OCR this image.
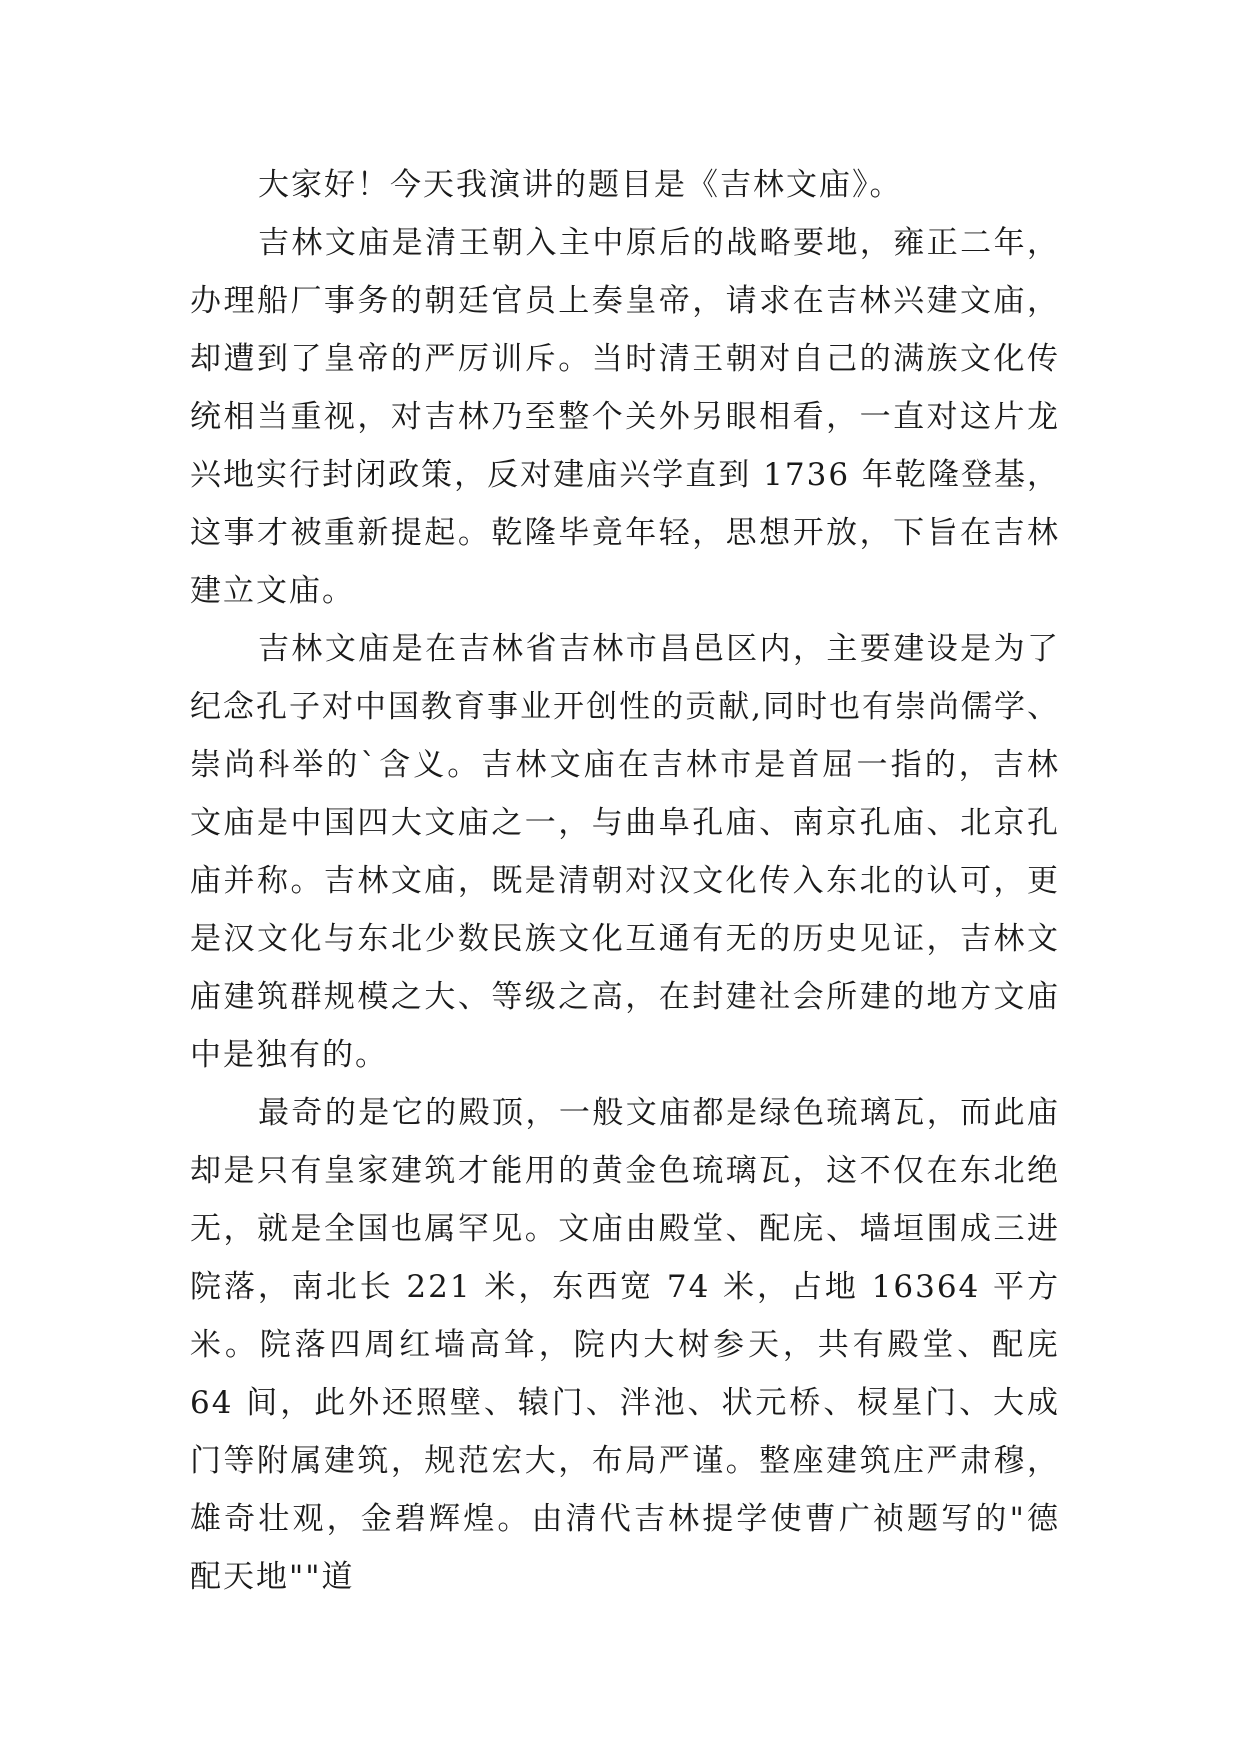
大家好！今天我演讲的题目是《吉林文庙》。

吉林文庙是清王朝入主中原后的战略要地，雍正二年，办理船厂事务的朝廷官员上奏皇帝，请求在吉林兴建文庙，却遭到了皇帝的严厉训斥。当时清王朝对自己的满族文化传统相当重视，对吉林乃至整个关外另眼相看，一直对这片龙兴地实行封闭政策，反对建庙兴学直到 1736 年乾隆登基，这事才被重新提起。乾隆毕竟年轻，思想开放，下旨在吉林建立文庙。

吉林文庙是在吉林省吉林市昌邑区内，主要建设是为了纪念孔子对中国教育事业开创性的贡献,同时也有崇尚儒学、崇尚科举的`含义。吉林文庙在吉林市是首屈一指的，吉林文庙是中国四大文庙之一，与曲阜孔庙、南京孔庙、北京孔庙并称。吉林文庙，既是清朝对汉文化传入东北的认可，更是汉文化与东北少数民族文化互通有无的历史见证，吉林文庙建筑群规模之大、等级之高，在封建社会所建的地方文庙中是独有的。

最奇的是它的殿顶，一般文庙都是绿色琉璃瓦，而此庙却是只有皇家建筑才能用的黄金色琉璃瓦，这不仅在东北绝无，就是全国也属罕见。文庙由殿堂、配庑、墙垣围成三进院落，南北长 221 米，东西宽 74 米，占地 16364 平方米。院落四周红墙高耸，院内大树参天，共有殿堂、配庑 64 间，此外还照壁、辕门、泮池、状元桥、棂星门、大成门等附属建筑，规范宏大，布局严谨。整座建筑庄严肃穆，雄奇壮观，金碧辉煌。由清代吉林提学使曹广祯题写的"德配天地""道
